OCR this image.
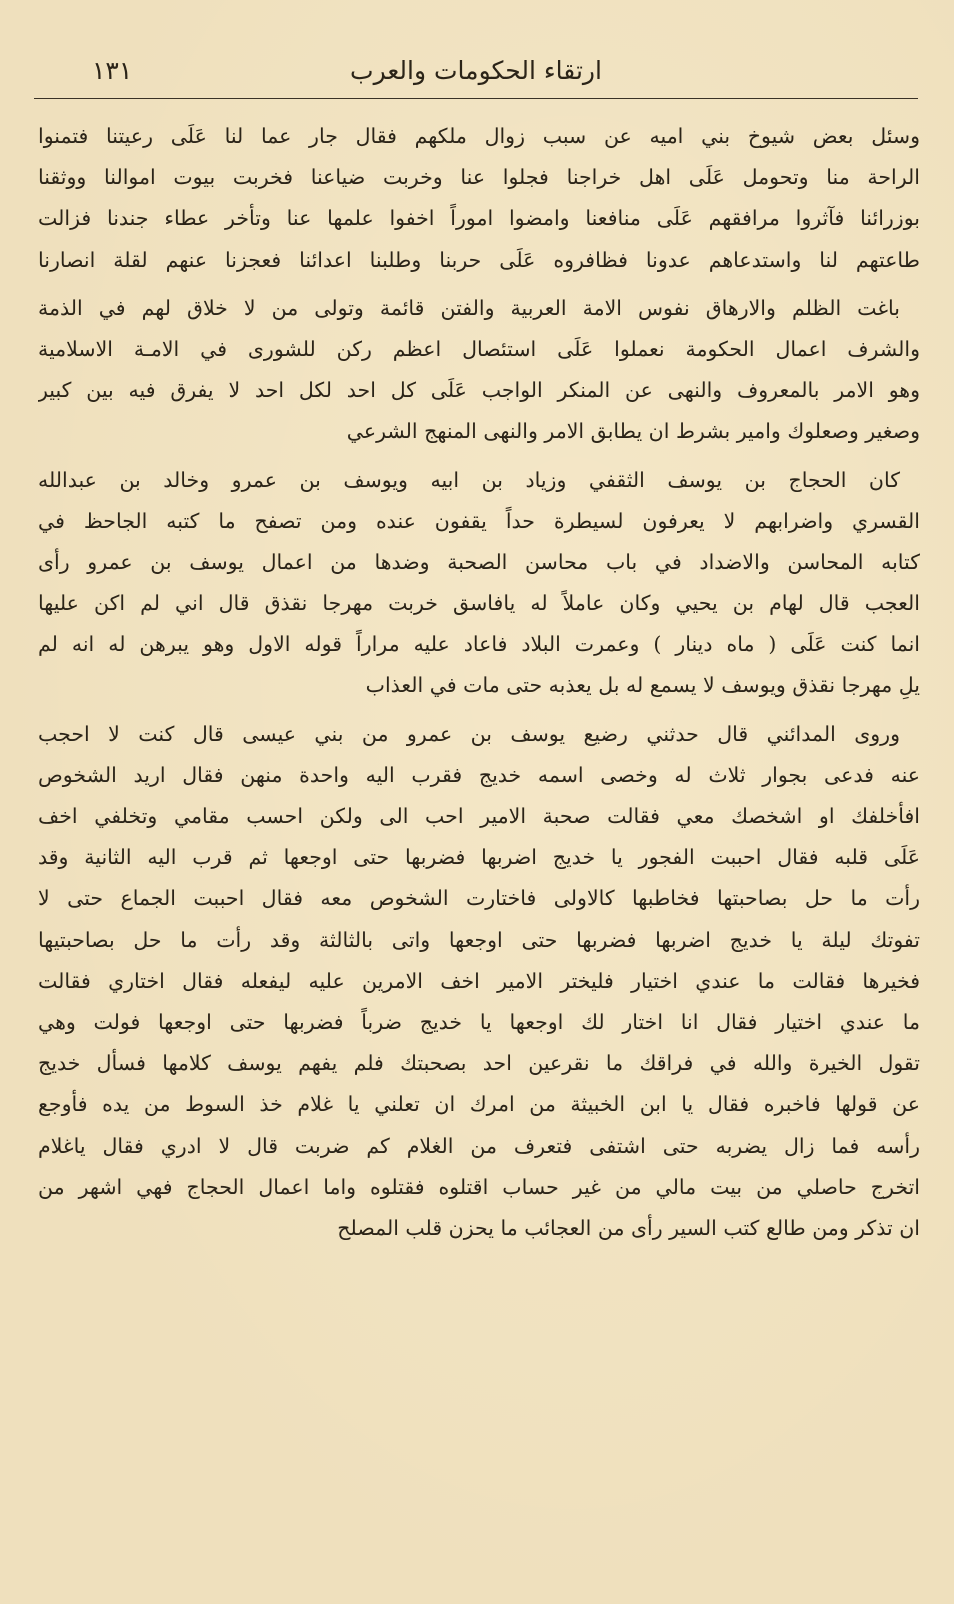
١٣١	ارتقاء الحكومات والعرب
وسئل بعض شيوخ بني اميه عن سبب زوال ملكهم فقال جار عما لنا عَلَى رعيتنا فتمنوا
الراحة منا وتحومل عَلَى اهل خراجنا فجلوا عنا وخربت ضياعنا فخربت بيوت اموالنا ووثقنا
بوزرائنا فآثروا مرافقهم عَلَى منافعنا وامضوا اموراً اخفوا علمها عنا وتأخر عطاء جندنا فزالت
طاعتهم لنا واستدعاهم عدونا فظافروه عَلَى حربنا وطلبنا اعدائنا فعجزنا عنهم لقلة انصارنا
باغت الظلم والارهاق نفوس الامة العربية والفتن قائمة وتولى من لا خلاق لهم في الذمة
والشرف اعمال الحكومة نعملوا عَلَى استئصال اعظم ركن للشورى في الامـة الاسلامية
وهو الامر بالمعروف والنهى عن المنكر الواجب عَلَى كل احد لكل احد لا يفرق فيه بين كبير
وصغير وصعلوك وامير بشرط ان يطابق الامر والنهى المنهج الشرعي
كان الحجاج بن يوسف الثقفي وزياد بن ابيه ويوسف بن عمرو وخالد بن عبدالله
القسري واضرابهم لا يعرفون لسيطرة حداً يقفون عنده ومن تصفح ما كتبه الجاحظ في
كتابه المحاسن والاضداد في باب محاسن الصحبة وضدها من اعمال يوسف بن عمرو رأى
العجب قال لهام بن يحيي وكان عاملاً له يافاسق خربت مهرجا نقذق قال اني لم اكن عليها
انما كنت عَلَى ( ماه دينار ) وعمرت البلاد فاعاد عليه مراراً قوله الاول وهو يبرهن له انه لم
يلِ مهرجا نقذق ويوسف لا يسمع له بل يعذبه حتى مات في العذاب
وروى المدائني قال حدثني رضيع يوسف بن عمرو من بني عيسى قال كنت لا احجب
عنه فدعى بجوار ثلاث له وخصى اسمه خديج فقرب اليه واحدة منهن فقال اريد الشخوص
افأخلفك او اشخصك معي فقالت صحبة الامير احب الى ولكن احسب مقامي وتخلفي اخف
عَلَى قلبه فقال احببت الفجور يا خديج اضربها فضربها حتى اوجعها ثم قرب اليه الثانية وقد
رأت ما حل بصاحبتها فخاطبها كالاولى فاختارت الشخوص معه فقال احببت الجماع حتى لا
تفوتك ليلة يا خديج اضربها فضربها حتى اوجعها واتى بالثالثة وقد رأت ما حل بصاحبتيها
فخيرها فقالت ما عندي اختيار فليختر الامير اخف الامرين عليه ليفعله فقال اختاري فقالت
ما عندي اختيار فقال انا اختار لك اوجعها يا خديج ضرباً فضربها حتى اوجعها فولت وهي
تقول الخيرة والله في فراقك ما نقرعين احد بصحبتك فلم يفهم يوسف كلامها فسأل خديج
عن قولها فاخبره فقال يا ابن الخبيثة من امرك ان تعلني يا غلام خذ السوط من يده فأوجع
رأسه فما زال يضربه حتى اشتفى فتعرف من الغلام كم ضربت قال لا ادري فقال ياغلام
اتخرج حاصلي من بيت مالي من غير حساب اقتلوه فقتلوه واما اعمال الحجاج فهي اشهر من
ان تذكر ومن طالع كتب السير رأى من العجائب ما يحزن قلب المصلح
